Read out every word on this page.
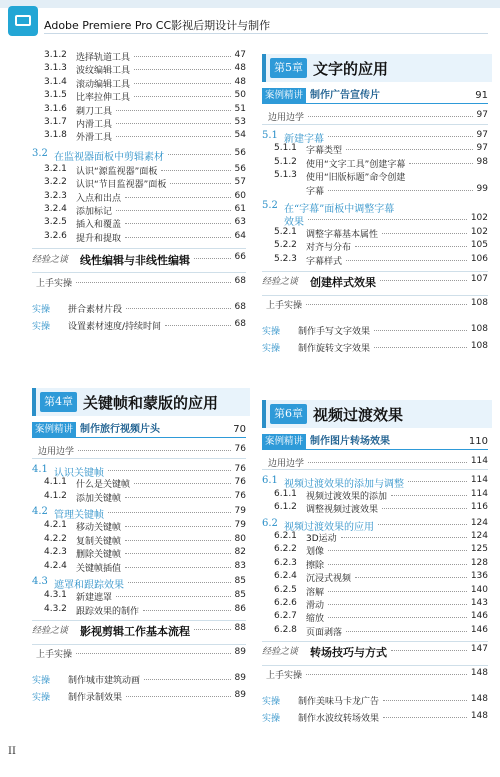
Adobe Premiere Pro CC影视后期设计与制作
3.1.2 选择轨道工具	47
3.1.3 波纹编辑工具	48
3.1.4 滚动编辑工具	48
3.1.5 比率拉伸工具	50
3.1.6 剃刀工具	51
3.1.7 内滑工具	53
3.1.8 外滑工具	54
3.2 在监视器面板中剪辑素材	56
3.2.1 认识“源监视器”面板	56
3.2.2 认识“节目监视器”面板	57
3.2.3 入点和出点	60
3.2.4 添加标记	61
3.2.5 插入和覆盖	63
3.2.6 提升和提取	64
经验之谈 线性编辑与非线性编辑	66
上手实操	68
实操 拼合素材片段	68
实操 设置素材速度/持续时间	68
第4章 关键帧和蒙版的应用
案例精讲 制作旅行视频片头	70
边用边学	76
4.1 认识关键帧	76
4.1.1 什么是关键帧	76
4.1.2 添加关键帧	76
4.2 管理关键帧	79
4.2.1 移动关键帧	79
4.2.2 复制关键帧	80
4.2.3 删除关键帧	82
4.2.4 关键帧插值	83
4.3 遮罩和跟踪效果	85
4.3.1 新建遮罩	85
4.3.2 跟踪效果的制作	86
经验之谈 影视剪辑工作基本流程	88
上手实操	89
实操 制作城市建筑动画	89
实操 制作录制效果	89
第5章 文字的应用
案例精讲 制作广告宣传片	91
边用边学	97
5.1 新建字幕	97
5.1.1 字幕类型	97
5.1.2 使用“文字工具”创建字幕	98
5.1.3 使用“旧版标题”命令创建
字幕	99
5.2 在“字幕”面板中调整字幕
效果	102
5.2.1 调整字幕基本属性	102
5.2.2 对齐与分布	105
5.2.3 字幕样式	106
经验之谈 创建样式效果	107
上手实操	108
实操 制作手写文字效果	108
实操 制作旋转文字效果	108
第6章 视频过渡效果
案例精讲 制作图片转场效果	110
边用边学	114
6.1 视频过渡效果的添加与调整	114
6.1.1 视频过渡效果的添加	114
6.1.2 调整视频过渡效果	116
6.2 视频过渡效果的应用	124
6.2.1 3D运动	124
6.2.2 划像	125
6.2.3 擦除	128
6.2.4 沉浸式视频	136
6.2.5 溶解	140
6.2.6 滑动	143
6.2.7 缩放	146
6.2.8 页面剥落	146
经验之谈 转场技巧与方式	147
上手实操	148
实操 制作美味马卡龙广告	148
实操 制作水波纹转场效果	148
II
